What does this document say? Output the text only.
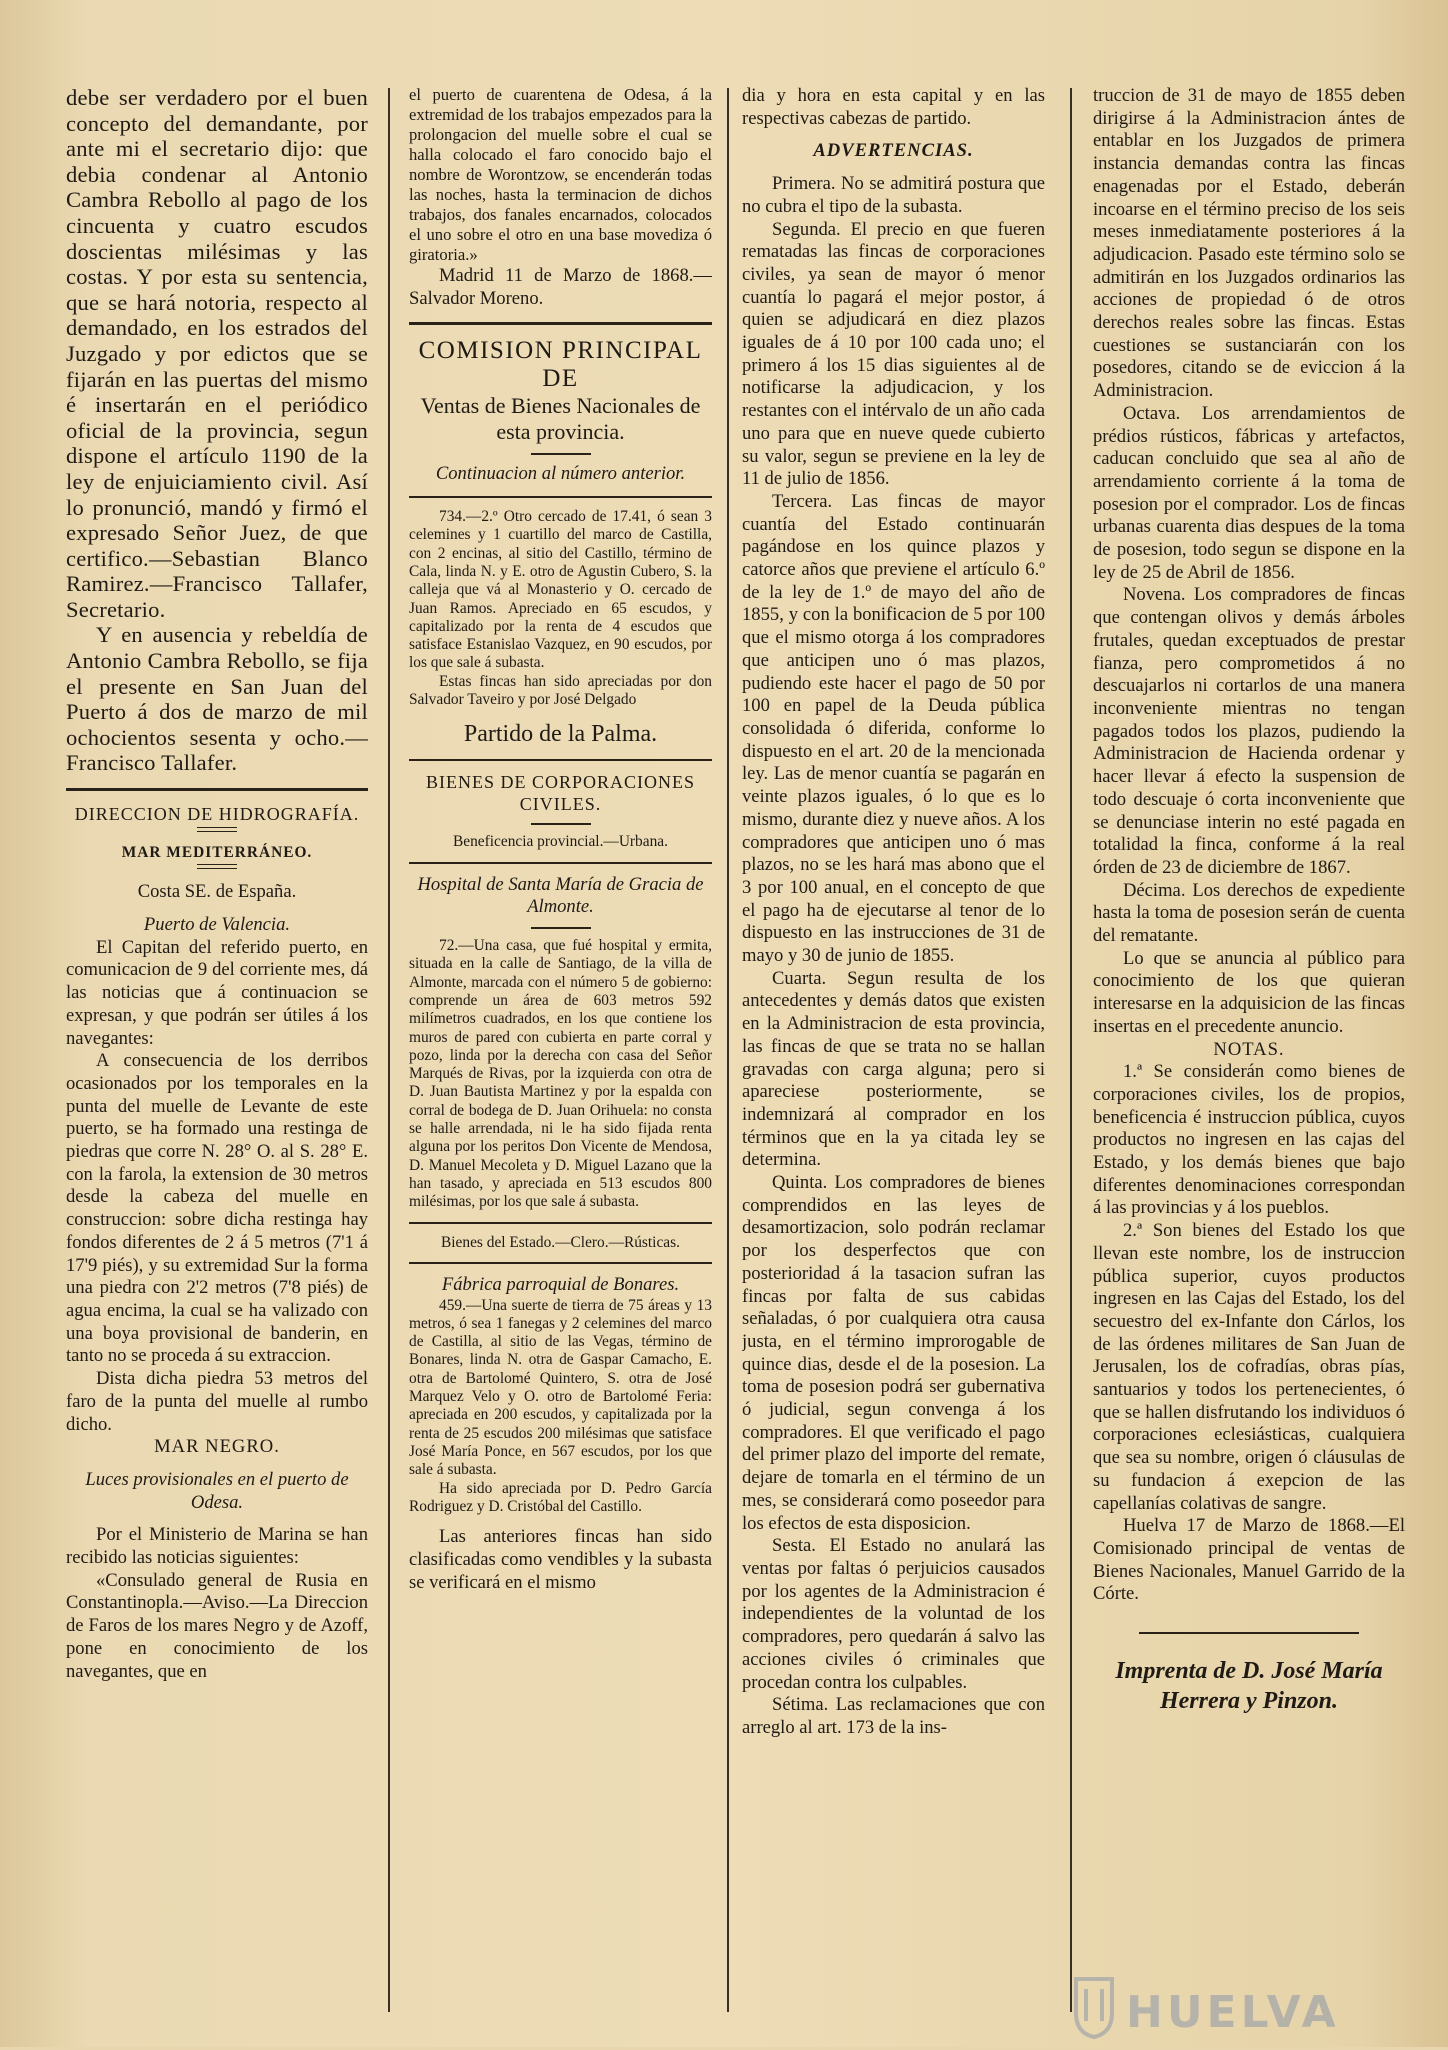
debe ser verdadero por el buen concepto del demandante, por ante mi el secretario dijo: que debia condenar al Antonio Cambra Rebollo al pago de los cincuenta y cuatro escudos doscientas milésimas y las costas. Y por esta su sentencia, que se hará notoria, respecto al demandado, en los estrados del Juzgado y por edictos que se fijarán en las puertas del mismo é insertarán en el periódico oficial de la provincia, segun dispone el artículo 1190 de la ley de enjuiciamiento civil. Así lo pronunció, mandó y firmó el expresado Señor Juez, de que certifico.—Sebastian Blanco Ramirez.—Francisco Tallafer, Secretario.

Y en ausencia y rebeldía de Antonio Cambra Rebollo, se fija el presente en San Juan del Puerto á dos de marzo de mil ochocientos sesenta y ocho.—Francisco Tallafer.

DIRECCION DE HIDROGRAFÍA.

MAR MEDITERRÁNEO.

Costa SE. de España.

Puerto de Valencia.

El Capitan del referido puerto, en comunicacion de 9 del corriente mes, dá las noticias que á continuacion se expresan, y que podrán ser útiles á los navegantes:

A consecuencia de los derribos ocasionados por los temporales en la punta del muelle de Levante de este puerto, se ha formado una restinga de piedras que corre N. 28° O. al S. 28° E. con la farola, la extension de 30 metros desde la cabeza del muelle en construccion: sobre dicha restinga hay fondos diferentes de 2 á 5 metros (7'1 á 17'9 piés), y su extremidad Sur la forma una piedra con 2'2 metros (7'8 piés) de agua encima, la cual se ha valizado con una boya provisional de banderin, en tanto no se proceda á su extraccion.

Dista dicha piedra 53 metros del faro de la punta del muelle al rumbo dicho.

MAR NEGRO.

Luces provisionales en el puerto de Odesa.

Por el Ministerio de Marina se han recibido las noticias siguientes:

«Consulado general de Rusia en Constantinopla.—Aviso.—La Direccion de Faros de los mares Negro y de Azoff, pone en conocimiento de los navegantes, que en

el puerto de cuarentena de Odesa, á la extremidad de los trabajos empezados para la prolongacion del muelle sobre el cual se halla colocado el faro conocido bajo el nombre de Worontzow, se encenderán todas las noches, hasta la terminacion de dichos trabajos, dos fanales encarnados, colocados el uno sobre el otro en una base movediza ó giratoria.»

Madrid 11 de Marzo de 1868.—Salvador Moreno.

COMISION PRINCIPAL DE

Ventas de Bienes Nacionales de esta provincia.

Continuacion al número anterior.

734.—2.º Otro cercado de 17.41, ó sean 3 celemines y 1 cuartillo del marco de Castilla, con 2 encinas, al sitio del Castillo, término de Cala, linda N. y E. otro de Agustin Cubero, S. la calleja que vá al Monasterio y O. cercado de Juan Ramos. Apreciado en 65 escudos, y capitalizado por la renta de 4 escudos que satisface Estanislao Vazquez, en 90 escudos, por los que sale á subasta.

Estas fincas han sido apreciadas por don Salvador Taveiro y por José Delgado

Partido de la Palma.

BIENES DE CORPORACIONES CIVILES.

Beneficencia provincial.—Urbana.

Hospital de Santa María de Gracia de Almonte.

72.—Una casa, que fué hospital y ermita, situada en la calle de Santiago, de la villa de Almonte, marcada con el número 5 de gobierno: comprende un área de 603 metros 592 milímetros cuadrados, en los que contiene los muros de pared con cubierta en parte corral y pozo, linda por la derecha con casa del Señor Marqués de Rivas, por la izquierda con otra de D. Juan Bautista Martinez y por la espalda con corral de bodega de D. Juan Orihuela: no consta se halle arrendada, ni le ha sido fijada renta alguna por los peritos Don Vicente de Mendosa, D. Manuel Mecoleta y D. Miguel Lazano que la han tasado, y apreciada en 513 escudos 800 milésimas, por los que sale á subasta.

Bienes del Estado.—Clero.—Rústicas.

Fábrica parroquial de Bonares.

459.—Una suerte de tierra de 75 áreas y 13 metros, ó sea 1 fanegas y 2 celemines del marco de Castilla, al sitio de las Vegas, término de Bonares, linda N. otra de Gaspar Camacho, E. otra de Bartolomé Quintero, S. otra de José Marquez Velo y O. otro de Bartolomé Feria: apreciada en 200 escudos, y capitalizada por la renta de 25 escudos 200 milésimas que satisface José María Ponce, en 567 escudos, por los que sale á subasta.

Ha sido apreciada por D. Pedro García Rodriguez y D. Cristóbal del Castillo.

Las anteriores fincas han sido clasificadas como vendibles y la subasta se verificará en el mismo

dia y hora en esta capital y en las respectivas cabezas de partido.

ADVERTENCIAS.

Primera. No se admitirá postura que no cubra el tipo de la subasta.

Segunda. El precio en que fueren rematadas las fincas de corporaciones civiles, ya sean de mayor ó menor cuantía lo pagará el mejor postor, á quien se adjudicará en diez plazos iguales de á 10 por 100 cada uno; el primero á los 15 dias siguientes al de notificarse la adjudicacion, y los restantes con el intérvalo de un año cada uno para que en nueve quede cubierto su valor, segun se previene en la ley de 11 de julio de 1856.

Tercera. Las fincas de mayor cuantía del Estado continuarán pagándose en los quince plazos y catorce años que previene el artículo 6.º de la ley de 1.º de mayo del año de 1855, y con la bonificacion de 5 por 100 que el mismo otorga á los compradores que anticipen uno ó mas plazos, pudiendo este hacer el pago de 50 por 100 en papel de la Deuda pública consolidada ó diferida, conforme lo dispuesto en el art. 20 de la mencionada ley. Las de menor cuantía se pagarán en veinte plazos iguales, ó lo que es lo mismo, durante diez y nueve años. A los compradores que anticipen uno ó mas plazos, no se les hará mas abono que el 3 por 100 anual, en el concepto de que el pago ha de ejecutarse al tenor de lo dispuesto en las instrucciones de 31 de mayo y 30 de junio de 1855.

Cuarta. Segun resulta de los antecedentes y demás datos que existen en la Administracion de esta provincia, las fincas de que se trata no se hallan gravadas con carga alguna; pero si apareciese posteriormente, se indemnizará al comprador en los términos que en la ya citada ley se determina.

Quinta. Los compradores de bienes comprendidos en las leyes de desamortizacion, solo podrán reclamar por los desperfectos que con posterioridad á la tasacion sufran las fincas por falta de sus cabidas señaladas, ó por cualquiera otra causa justa, en el término improrogable de quince dias, desde el de la posesion. La toma de posesion podrá ser gubernativa ó judicial, segun convenga á los compradores. El que verificado el pago del primer plazo del importe del remate, dejare de tomarla en el término de un mes, se considerará como poseedor para los efectos de esta disposicion.

Sesta. El Estado no anulará las ventas por faltas ó perjuicios causados por los agentes de la Administracion é independientes de la voluntad de los compradores, pero quedarán á salvo las acciones civiles ó criminales que procedan contra los culpables.

Sétima. Las reclamaciones que con arreglo al art. 173 de la ins-

truccion de 31 de mayo de 1855 deben dirigirse á la Administracion ántes de entablar en los Juzgados de primera instancia demandas contra las fincas enagenadas por el Estado, deberán incoarse en el término preciso de los seis meses inmediatamente posteriores á la adjudicacion. Pasado este término solo se admitirán en los Juzgados ordinarios las acciones de propiedad ó de otros derechos reales sobre las fincas. Estas cuestiones se sustanciarán con los posedores, citando se de eviccion á la Administracion.

Octava. Los arrendamientos de prédios rústicos, fábricas y artefactos, caducan concluido que sea al año de arrendamiento corriente á la toma de posesion por el comprador. Los de fincas urbanas cuarenta dias despues de la toma de posesion, todo segun se dispone en la ley de 25 de Abril de 1856.

Novena. Los compradores de fincas que contengan olivos y demás árboles frutales, quedan exceptuados de prestar fianza, pero comprometidos á no descuajarlos ni cortarlos de una manera inconveniente mientras no tengan pagados todos los plazos, pudiendo la Administracion de Hacienda ordenar y hacer llevar á efecto la suspension de todo descuaje ó corta inconveniente que se denunciase interin no esté pagada en totalidad la finca, conforme á la real órden de 23 de diciembre de 1867.

Décima. Los derechos de expediente hasta la toma de posesion serán de cuenta del rematante.

Lo que se anuncia al público para conocimiento de los que quieran interesarse en la adquisicion de las fincas insertas en el precedente anuncio.

NOTAS.

1.ª Se considerán como bienes de corporaciones civiles, los de propios, beneficencia é instruccion pública, cuyos productos no ingresen en las cajas del Estado, y los demás bienes que bajo diferentes denominaciones correspondan á las provincias y á los pueblos.

2.ª Son bienes del Estado los que llevan este nombre, los de instruccion pública superior, cuyos productos ingresen en las Cajas del Estado, los del secuestro del ex-Infante don Cárlos, los de las órdenes militares de San Juan de Jerusalen, los de cofradías, obras pías, santuarios y todos los pertenecientes, ó que se hallen disfrutando los individuos ó corporaciones eclesiásticas, cualquiera que sea su nombre, origen ó cláusulas de su fundacion á exepcion de las capellanías colativas de sangre.

Huelva 17 de Marzo de 1868.—El Comisionado principal de ventas de Bienes Nacionales, Manuel Garrido de la Córte.

Imprenta de D. José María

Herrera y Pinzon.

HUELVA
